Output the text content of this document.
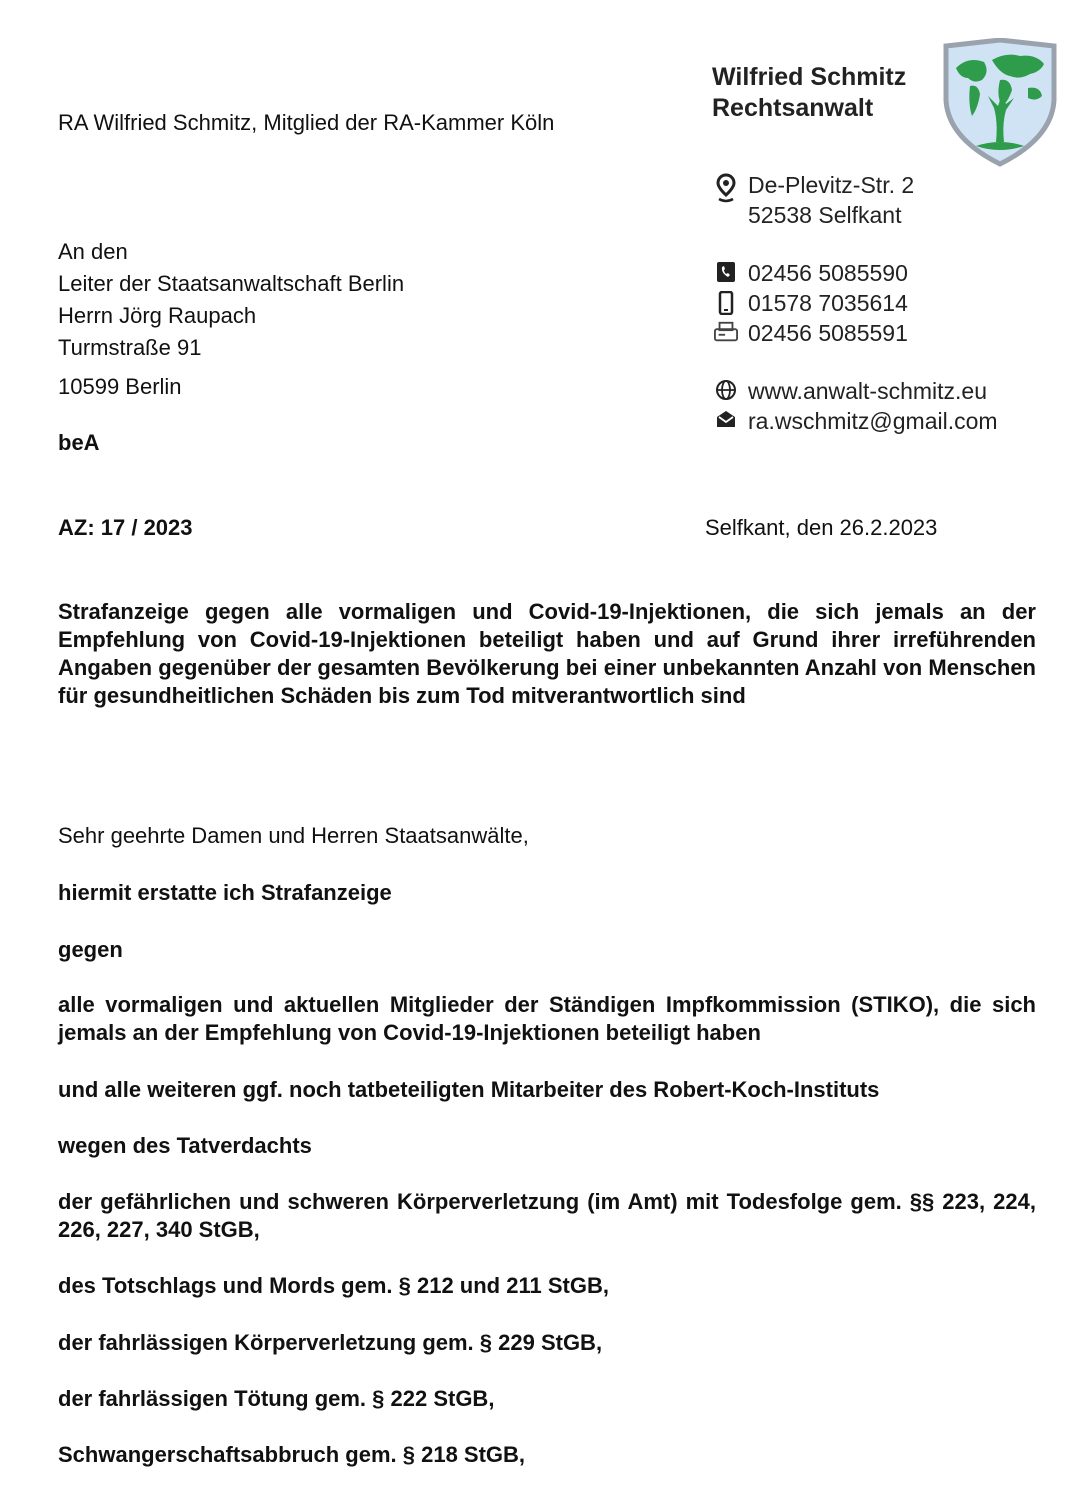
RA Wilfried Schmitz, Mitglied der RA-Kammer Köln
Wilfried Schmitz
Rechtsanwalt
De-Plevitz-Str. 2
52538 Selfkant
02456 5085590
01578 7035614
02456 5085591
www.anwalt-schmitz.eu
ra.wschmitz@gmail.com
An den
Leiter der Staatsanwaltschaft Berlin
Herrn Jörg Raupach
Turmstraße 91
10599 Berlin
beA
AZ: 17 / 2023	Selfkant, den 26.2.2023
Strafanzeige gegen alle vormaligen und Covid-19-Injektionen, die sich jemals an der Empfehlung von Covid-19-Injektionen beteiligt haben und auf Grund ihrer irreführenden Angaben gegenüber der gesamten Bevölkerung bei einer unbekannten Anzahl von Menschen für gesundheitlichen Schäden bis zum Tod mitverantwortlich sind
Sehr geehrte Damen und Herren Staatsanwälte,
hiermit erstatte ich Strafanzeige
gegen
alle vormaligen und aktuellen Mitglieder der Ständigen Impfkommission (STIKO), die sich jemals an der Empfehlung von Covid-19-Injektionen beteiligt haben
und alle weiteren ggf. noch tatbeteiligten Mitarbeiter des Robert-Koch-Instituts
wegen des Tatverdachts
der gefährlichen und schweren Körperverletzung (im Amt) mit Todesfolge gem. §§ 223, 224, 226, 227, 340 StGB,
des Totschlags und Mords gem. § 212 und 211 StGB,
der fahrlässigen Körperverletzung gem. § 229 StGB,
der fahrlässigen Tötung gem. § 222 StGB,
Schwangerschaftsabbruch gem. § 218 StGB,
